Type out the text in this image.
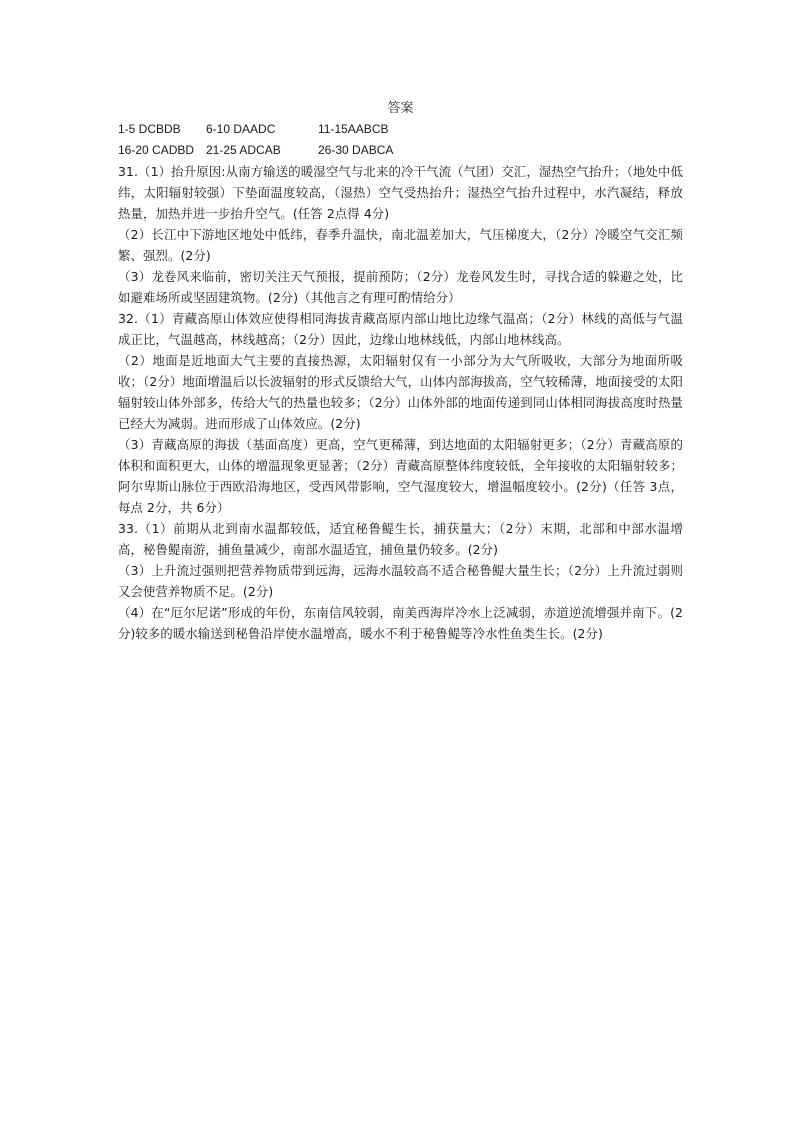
答案
1-5 DCBDB	6-10 DAADC	11-15AABCB
16-20 CADBD 21-25 ADCAB	26-30 DABCA

31.（1）抬升原因:从南方输送的暖湿空气与北来的冷干气流（气团）交汇，湿热空气抬升；（地处中低纬，太阳辐射较强）下垫面温度较高，（湿热）空气受热抬升；湿热空气抬升过程中，水汽凝结，释放热量，加热并进一步抬升空气。(任答 2点得 4分)

（2）长江中下游地区地处中低纬，春季升温快，南北温差加大，气压梯度大，（2分）冷暖空气交汇频繁、强烈。(2分)

（3）龙卷风来临前，密切关注天气预报，提前预防；（2分）龙卷风发生时，寻找合适的躲避之处，比如避难场所或坚固建筑物。(2分)（其他言之有理可酌情给分）

32.（1）青藏高原山体效应使得相同海拔青藏高原内部山地比边缘气温高；（2分）林线的高低与气温成正比，气温越高，林线越高；（2分）因此，边缘山地林线低，内部山地林线高。

（2）地面是近地面大气主要的直接热源，太阳辐射仅有一小部分为大气所吸收，大部分为地面所吸收；（2分）地面增温后以长波辐射的形式反馈给大气，山体内部海拔高，空气较稀薄，地面接受的太阳辐射较山体外部多，传给大气的热量也较多；（2分）山体外部的地面传递到同山体相同海拔高度时热量已经大为减弱。进而形成了山体效应。(2分)

（3）青藏高原的海拔（基面高度）更高，空气更稀薄，到达地面的太阳辐射更多；（2分）青藏高原的体积和面积更大，山体的增温现象更显著；（2分）青藏高原整体纬度较低，全年接收的太阳辐射较多；阿尔卑斯山脉位于西欧沿海地区，受西风带影响，空气湿度较大，增温幅度较小。(2分)（任答 3点，每点 2分，共 6分）

33.（1）前期从北到南水温都较低，适宜秘鲁鳀生长，捕获量大；（2分）末期，北部和中部水温增高，秘鲁鳀南游，捕鱼量减少，南部水温适宜，捕鱼量仍较多。(2分)

（3）上升流过强则把营养物质带到远海，远海水温较高不适合秘鲁鳀大量生长；（2分）上升流过弱则又会使营养物质不足。(2分)

（4）在“厄尔尼诺”形成的年份，东南信风较弱，南美西海岸冷水上泛减弱，赤道逆流增强并南下。(2分)较多的暖水输送到秘鲁沿岸使水温增高，暖水不利于秘鲁鳀等冷水性鱼类生长。(2分)
